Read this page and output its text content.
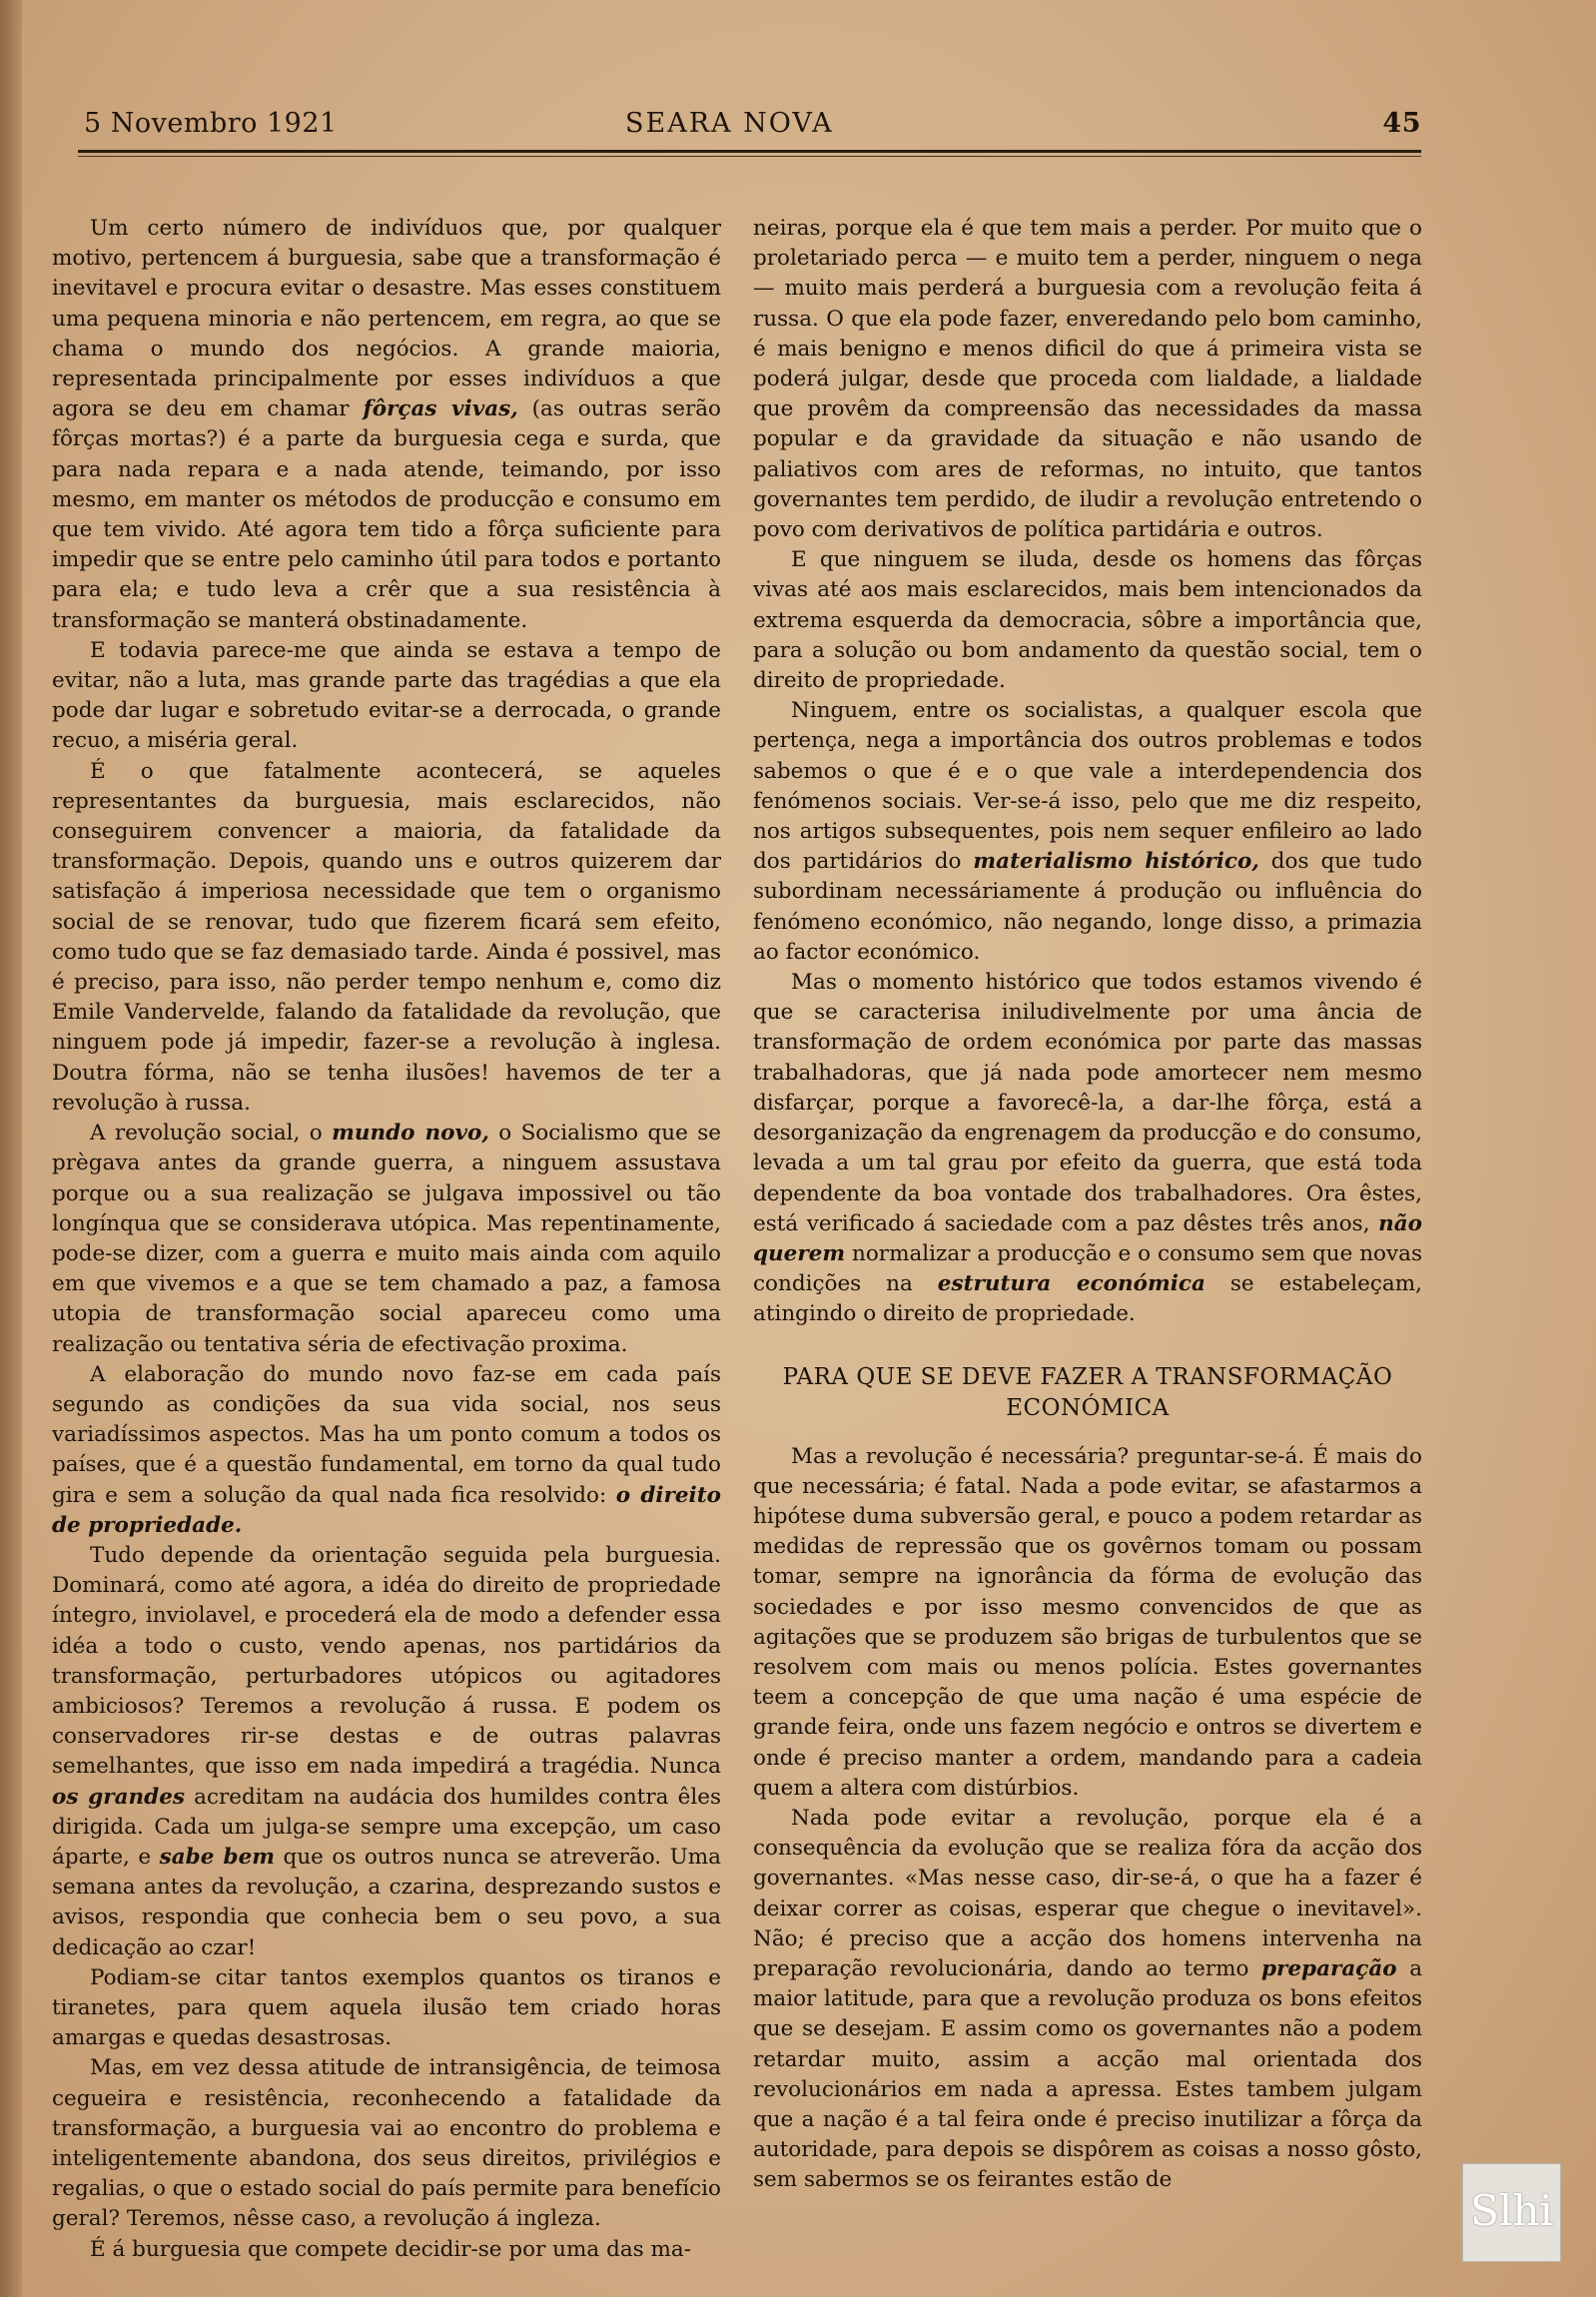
5 Novembro 1921	SEARA NOVA	45

Um certo número de indivíduos que, por qualquer motivo, pertencem á burguesia, sabe que a transformação é inevitavel e procura evitar o desastre. Mas esses constituem uma pequena minoria e não pertencem, em regra, ao que se chama o mundo dos negócios. A grande maioria, representada principalmente por esses indivíduos a que agora se deu em chamar fôrças vivas, (as outras serão fôrças mortas?) é a parte da burguesia cega e surda, que para nada repara e a nada atende, teimando, por isso mesmo, em manter os métodos de producção e consumo em que tem vivido. Até agora tem tido a fôrça suficiente para impedir que se entre pelo caminho útil para todos e portanto para ela; e tudo leva a crêr que a sua resistência à transformação se manterá obstinadamente.

E todavia parece-me que ainda se estava a tempo de evitar, não a luta, mas grande parte das tragédias a que ela pode dar lugar e sobretudo evitar-se a derrocada, o grande recuo, a miséria geral.

É o que fatalmente acontecerá, se aqueles representantes da burguesia, mais esclarecidos, não conseguirem convencer a maioria, da fatalidade da transformação. Depois, quando uns e outros quizerem dar satisfação á imperiosa necessidade que tem o organismo social de se renovar, tudo que fizerem ficará sem efeito, como tudo que se faz demasiado tarde. Ainda é possivel, mas é preciso, para isso, não perder tempo nenhum e, como diz Emile Vandervelde, falando da fatalidade da revolução, que ninguem pode já impedir, fazer-se a revolução à inglesa. Doutra fórma, não se tenha ilusões! havemos de ter a revolução à russa.

A revolução social, o mundo novo, o Socialismo que se prègava antes da grande guerra, a ninguem assustava porque ou a sua realização se julgava impossivel ou tão longínqua que se considerava utópica. Mas repentinamente, pode-se dizer, com a guerra e muito mais ainda com aquilo em que vivemos e a que se tem chamado a paz, a famosa utopia de transformação social apareceu como uma realização ou tentativa séria de efectivação proxima.

A elaboração do mundo novo faz-se em cada país segundo as condições da sua vida social, nos seus variadíssimos aspectos. Mas ha um ponto comum a todos os países, que é a questão fundamental, em torno da qual tudo gira e sem a solução da qual nada fica resolvido: o direito de propriedade.

Tudo depende da orientação seguida pela burguesia. Dominará, como até agora, a idéa do direito de propriedade íntegro, inviolavel, e procederá ela de modo a defender essa idéa a todo o custo, vendo apenas, nos partidários da transformação, perturbadores utópicos ou agitadores ambiciosos? Teremos a revolução á russa. E podem os conservadores rir-se destas e de outras palavras semelhantes, que isso em nada impedirá a tragédia. Nunca os grandes acreditam na audácia dos humildes contra êles dirigida. Cada um julga-se sempre uma excepção, um caso áparte, e sabe bem que os outros nunca se atreverão. Uma semana antes da revolução, a czarina, desprezando sustos e avisos, respondia que conhecia bem o seu povo, a sua dedicação ao czar!

Podiam-se citar tantos exemplos quantos os tiranos e tiranetes, para quem aquela ilusão tem criado horas amargas e quedas desastrosas.

Mas, em vez dessa atitude de intransigência, de teimosa cegueira e resistência, reconhecendo a fatalidade da transformação, a burguesia vai ao encontro do problema e inteligentemente abandona, dos seus direitos, privilégios e regalias, o que o estado social do país permite para benefício geral? Teremos, nêsse caso, a revolução á ingleza.

É á burguesia que compete decidir-se por uma das ma-

neiras, porque ela é que tem mais a perder. Por muito que o proletariado perca — e muito tem a perder, ninguem o nega — muito mais perderá a burguesia com a revolução feita á russa. O que ela pode fazer, enveredando pelo bom caminho, é mais benigno e menos dificil do que á primeira vista se poderá julgar, desde que proceda com lialdade, a lialdade que provêm da compreensão das necessidades da massa popular e da gravidade da situação e não usando de paliativos com ares de reformas, no intuito, que tantos governantes tem perdido, de iludir a revolução entretendo o povo com derivativos de política partidária e outros.

E que ninguem se iluda, desde os homens das fôrças vivas até aos mais esclarecidos, mais bem intencionados da extrema esquerda da democracia, sôbre a importância que, para a solução ou bom andamento da questão social, tem o direito de propriedade.

Ninguem, entre os socialistas, a qualquer escola que pertença, nega a importância dos outros problemas e todos sabemos o que é e o que vale a interdependencia dos fenómenos sociais. Ver-se-á isso, pelo que me diz respeito, nos artigos subsequentes, pois nem sequer enfileiro ao lado dos partidários do materialismo histórico, dos que tudo subordinam necessáriamente á produção ou influência do fenómeno económico, não negando, longe disso, a primazia ao factor económico.

Mas o momento histórico que todos estamos vivendo é que se caracterisa iniludivelmente por uma ância de transformação de ordem económica por parte das massas trabalhadoras, que já nada pode amortecer nem mesmo disfarçar, porque a favorecê-la, a dar-lhe fôrça, está a desorganização da engrenagem da producção e do consumo, levada a um tal grau por efeito da guerra, que está toda dependente da boa vontade dos trabalhadores. Ora êstes, está verificado á saciedade com a paz dêstes três anos, não querem normalizar a producção e o consumo sem que novas condições na estrutura económica se estabeleçam, atingindo o direito de propriedade.

PARA QUE SE DEVE FAZER A TRANSFORMAÇÃO ECONÓMICA

Mas a revolução é necessária? preguntar-se-á. É mais do que necessária; é fatal. Nada a pode evitar, se afastarmos a hipótese duma subversão geral, e pouco a podem retardar as medidas de repressão que os govêrnos tomam ou possam tomar, sempre na ignorância da fórma de evolução das sociedades e por isso mesmo convencidos de que as agitações que se produzem são brigas de turbulentos que se resolvem com mais ou menos polícia. Estes governantes teem a concepção de que uma nação é uma espécie de grande feira, onde uns fazem negócio e ontros se divertem e onde é preciso manter a ordem, mandando para a cadeia quem a altera com distúrbios.

Nada pode evitar a revolução, porque ela é a consequência da evolução que se realiza fóra da acção dos governantes. «Mas nesse caso, dir-se-á, o que ha a fazer é deixar correr as coisas, esperar que chegue o inevitavel». Não; é preciso que a acção dos homens intervenha na preparação revolucionária, dando ao termo preparação a maior latitude, para que a revolução produza os bons efeitos que se desejam. E assim como os governantes não a podem retardar muito, assim a acção mal orientada dos revolucionários em nada a apressa. Estes tambem julgam que a nação é a tal feira onde é preciso inutilizar a fôrça da autoridade, para depois se dispôrem as coisas a nosso gôsto, sem sabermos se os feirantes estão de

Slhi
